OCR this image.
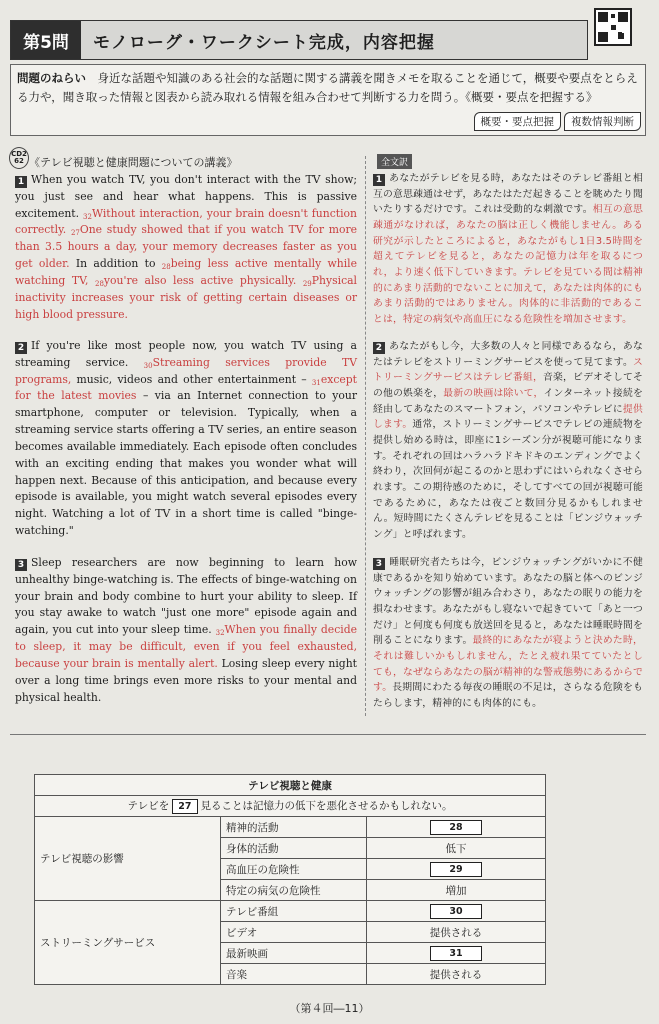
第5問	モノローグ・ワークシート完成，内容把握
問題のねらい　 身近な話題や知識のある社会的な話題に関する講義を聞きメモを取ることを通じて，概要や要点をとらえる力や，聞き取った情報と図表から読み取れる情報を組み合わせて判断する力を問う。《概要・要点を把握する》
概要・要点把握	複数情報判断
CD2 62 《テレビ視聴と健康問題についての講義》
1 When you watch TV, you don't interact with the TV show; you just see and hear what happens. This is passive excitement. $_{32}$Without interaction, your brain doesn't function correctly. $_{27}$One study showed that if you watch TV for more than 3.5 hours a day, your memory decreases faster as you get older. In addition to $_{28}$being less active mentally while watching TV, $_{28}$you're also less active physically. $_{29}$Physical inactivity increases your risk of getting certain diseases or high blood pressure.
2 If you're like most people now, you watch TV using a streaming service. $_{30}$Streaming services provide TV programs, music, videos and other entertainment – $_{31}$except for the latest movies – via an Internet connection to your smartphone, computer or television. Typically, when a streaming service starts offering a TV series, an entire season becomes available immediately. Each episode often concludes with an exciting ending that makes you wonder what will happen next. Because of this anticipation, and because every episode is available, you might watch several episodes every night. Watching a lot of TV in a short time is called "binge-watching."
3 Sleep researchers are now beginning to learn how unhealthy binge-watching is. The effects of binge-watching on your brain and body combine to hurt your ability to sleep. If you stay awake to watch "just one more" episode again and again, you cut into your sleep time. $_{32}$When you finally decide to sleep, it may be difficult, even if you feel exhausted, because your brain is mentally alert. Losing sleep every night over a long time brings even more risks to your mental and physical health.
全文訳
1 あなたがテレビを見る時，あなたはそのテレビ番組と相互の意思疎通はせず，あなたはただ起きることを眺めたり聞いたりするだけです。これは受動的な刺激です。相互の意思疎通がなければ，あなたの脳は正しく機能しません。ある研究が示したところによると，あなたがもし1日3.5時間を超えてテレビを見ると，あなたの記憶力は年を取るにつれ，より速く低下していきます。テレビを見ている間は精神的にあまり活動的でないことに加えて，あなたは肉体的にもあまり活動的ではありません。肉体的に非活動的であることは，特定の病気や高血圧になる危険性を増加させます。
2 あなたがもし今，大多数の人々と同様であるなら，あなたはテレビをストリーミングサービスを使って見てます。ストリーミングサービスはテレビ番組，音楽，ビデオそしてその他の娯楽を，最新の映画は除いて，インターネット接続を経由してあなたのスマートフォン，パソコンやテレビに提供します。通常，ストリーミングサービスでテレビの連続物を提供し始める時は，即座に1シーズン分が視聴可能になります。それぞれの回はハラハラドキドキのエンディングでよく終わり，次回何が起こるのかと思わずにはいられなくさせられます。この期待感のために，そしてすべての回が視聴可能であるために，あなたは夜ごと数回分見るかもしれません。短時間にたくさんテレビを見ることは「ビンジウォッチング」と呼ばれます。
3 睡眠研究者たちは今，ビンジウォッチングがいかに不健康であるかを知り始めています。あなたの脳と体へのビンジウォッチングの影響が組み合わさり，あなたの眠りの能力を損なわせます。あなたがもし寝ないで起きていて「あと一つだけ」と何度も何度も放送回を見ると，あなたは睡眠時間を削ることになります。最終的にあなたが寝ようと決めた時，それは難しいかもしれません，たとえ疲れ果てていたとしても，なぜならあなたの脳が精神的な警戒態勢にあるからです。長期間にわたる毎夜の睡眠の不足は，さらなる危険をもたらします，精神的にも肉体的にも。
テレビ視聴と健康		
テレビを 27 見ることは記憶力の低下を悪化させるかもしれない。		
テレビ視聴の影響	精神的活動	28
	身体的活動	低下
	高血圧の危険性	29
	特定の病気の危険性	増加
ストリーミングサービス	テレビ番組	30
	ビデオ	提供される
	最新映画	31
	音楽	提供される
（第４回―11）
